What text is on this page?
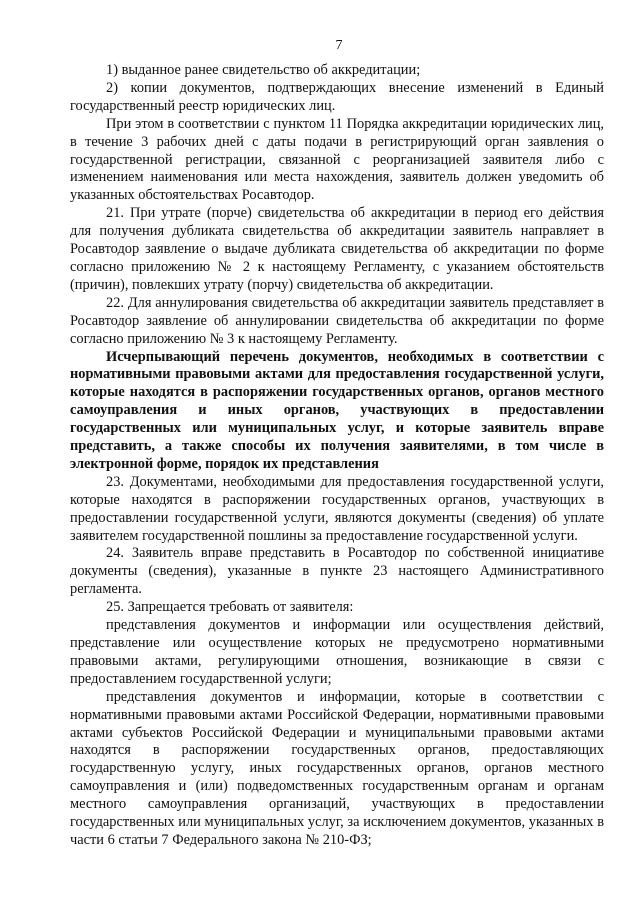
7

1) выданное ранее свидетельство об аккредитации;

2) копии документов, подтверждающих внесение изменений в Единый государственный реестр юридических лиц.

При этом в соответствии с пунктом 11 Порядка аккредитации юридических лиц, в течение 3 рабочих дней с даты подачи в регистрирующий орган заявления о государственной регистрации, связанной с реорганизацией заявителя либо с изменением наименования или места нахождения, заявитель должен уведомить об указанных обстоятельствах Росавтодор.

21. При утрате (порче) свидетельства об аккредитации в период его действия для получения дубликата свидетельства об аккредитации заявитель направляет в Росавтодор заявление о выдаче дубликата свидетельства об аккредитации по форме согласно приложению № 2 к настоящему Регламенту, с указанием обстоятельств (причин), повлекших утрату (порчу) свидетельства об аккредитации.

22. Для аннулирования свидетельства об аккредитации заявитель представляет в Росавтодор заявление об аннулировании свидетельства об аккредитации по форме согласно приложению № 3 к настоящему Регламенту.

Исчерпывающий перечень документов, необходимых в соответствии с нормативными правовыми актами для предоставления государственной услуги, которые находятся в распоряжении государственных органов, органов местного самоуправления и иных органов, участвующих в предоставлении государственных или муниципальных услуг, и которые заявитель вправе представить, а также способы их получения заявителями, в том числе в электронной форме, порядок их представления

23. Документами, необходимыми для предоставления государственной услуги, которые находятся в распоряжении государственных органов, участвующих в предоставлении государственной услуги, являются документы (сведения) об уплате заявителем государственной пошлины за предоставление государственной услуги.

24. Заявитель вправе представить в Росавтодор по собственной инициативе документы (сведения), указанные в пункте 23 настоящего Административного регламента.

25. Запрещается требовать от заявителя:

представления документов и информации или осуществления действий, представление или осуществление которых не предусмотрено нормативными правовыми актами, регулирующими отношения, возникающие в связи с предоставлением государственной услуги;

представления документов и информации, которые в соответствии с нормативными правовыми актами Российской Федерации, нормативными правовыми актами субъектов Российской Федерации и муниципальными правовыми актами находятся в распоряжении государственных органов, предоставляющих государственную услугу, иных государственных органов, органов местного самоуправления и (или) подведомственных государственным органам и органам местного самоуправления организаций, участвующих в предоставлении государственных или муниципальных услуг, за исключением документов, указанных в части 6 статьи 7 Федерального закона № 210-ФЗ;
